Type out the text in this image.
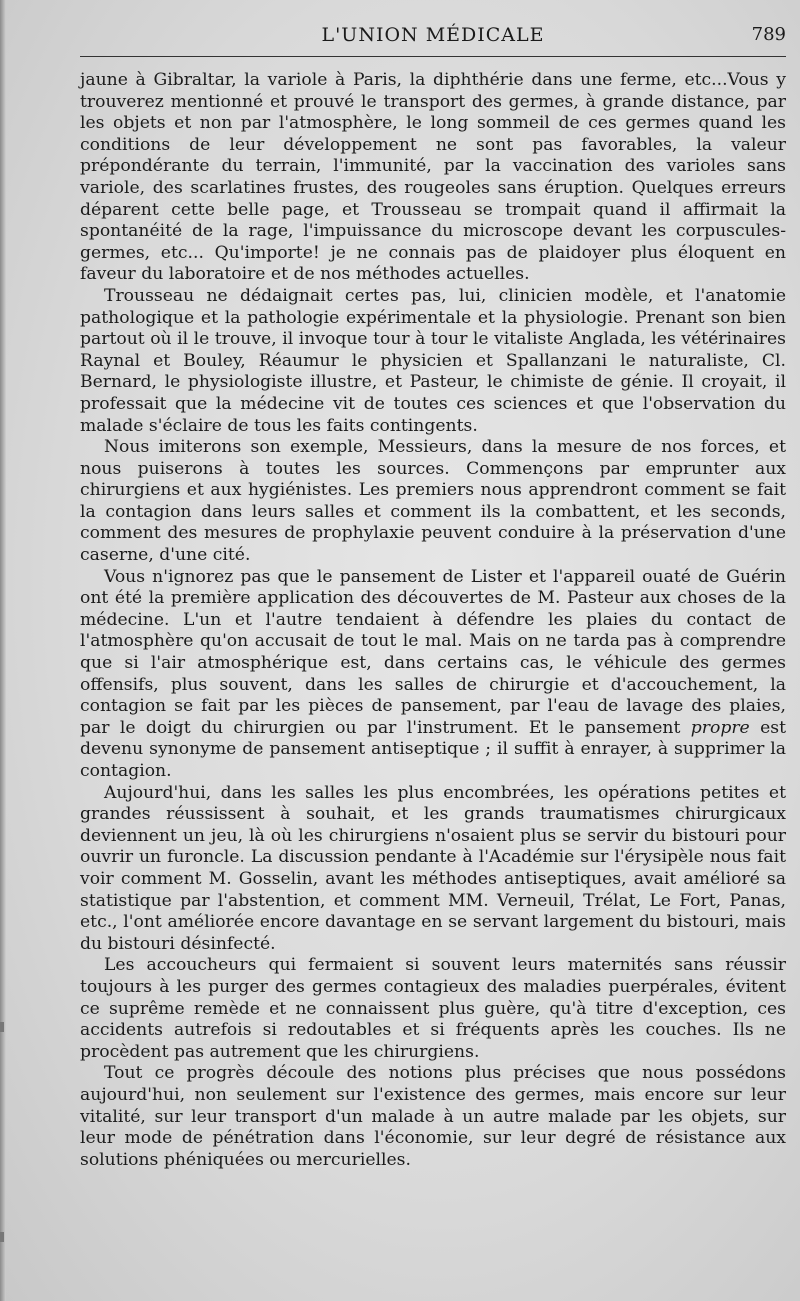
L'UNION MÉDICALE	789

jaune à Gibraltar, la variole à Paris, la diphthérie dans une ferme, etc...Vous y trouverez mentionné et prouvé le transport des germes, à grande distance, par les objets et non par l'atmosphère, le long sommeil de ces germes quand les conditions de leur développement ne sont pas favorables, la valeur prépondérante du terrain, l'immunité, par la vaccination des varioles sans variole, des scarlatines frustes, des rougeoles sans éruption. Quelques erreurs déparent cette belle page, et Trousseau se trompait quand il affirmait la spontanéité de la rage, l'impuissance du microscope devant les corpuscules-germes, etc... Qu'importe! je ne connais pas de plaidoyer plus éloquent en faveur du laboratoire et de nos méthodes actuelles.

Trousseau ne dédaignait certes pas, lui, clinicien modèle, et l'anatomie pathologique et la pathologie expérimentale et la physiologie. Prenant son bien partout où il le trouve, il invoque tour à tour le vitaliste Anglada, les vétérinaires Raynal et Bouley, Réaumur le physicien et Spallanzani le naturaliste, Cl. Bernard, le physiologiste illustre, et Pasteur, le chimiste de génie. Il croyait, il professait que la médecine vit de toutes ces sciences et que l'observation du malade s'éclaire de tous les faits contingents.

Nous imiterons son exemple, Messieurs, dans la mesure de nos forces, et nous puiserons à toutes les sources. Commençons par emprunter aux chirurgiens et aux hygiénistes. Les premiers nous apprendront comment se fait la contagion dans leurs salles et comment ils la combattent, et les seconds, comment des mesures de prophylaxie peuvent conduire à la préservation d'une caserne, d'une cité.

Vous n'ignorez pas que le pansement de Lister et l'appareil ouaté de Guérin ont été la première application des découvertes de M. Pasteur aux choses de la médecine. L'un et l'autre tendaient à défendre les plaies du contact de l'atmosphère qu'on accusait de tout le mal. Mais on ne tarda pas à comprendre que si l'air atmosphérique est, dans certains cas, le véhicule des germes offensifs, plus souvent, dans les salles de chirurgie et d'accouchement, la contagion se fait par les pièces de pansement, par l'eau de lavage des plaies, par le doigt du chirurgien ou par l'instrument. Et le pansement propre est devenu synonyme de pansement antiseptique ; il suffit à enrayer, à supprimer la contagion.

Aujourd'hui, dans les salles les plus encombrées, les opérations petites et grandes réussissent à souhait, et les grands traumatismes chirurgicaux deviennent un jeu, là où les chirurgiens n'osaient plus se servir du bistouri pour ouvrir un furoncle. La discussion pendante à l'Académie sur l'érysipèle nous fait voir comment M. Gosselin, avant les méthodes antiseptiques, avait amélioré sa statistique par l'abstention, et comment MM. Verneuil, Trélat, Le Fort, Panas, etc., l'ont améliorée encore davantage en se servant largement du bistouri, mais du bistouri désinfecté.

Les accoucheurs qui fermaient si souvent leurs maternités sans réussir toujours à les purger des germes contagieux des maladies puerpérales, évitent ce suprême remède et ne connaissent plus guère, qu'à titre d'exception, ces accidents autrefois si redoutables et si fréquents après les couches. Ils ne procèdent pas autrement que les chirurgiens.

Tout ce progrès découle des notions plus précises que nous possédons aujourd'hui, non seulement sur l'existence des germes, mais encore sur leur vitalité, sur leur transport d'un malade à un autre malade par les objets, sur leur mode de pénétration dans l'économie, sur leur degré de résistance aux solutions phéniquées ou mercurielles.
